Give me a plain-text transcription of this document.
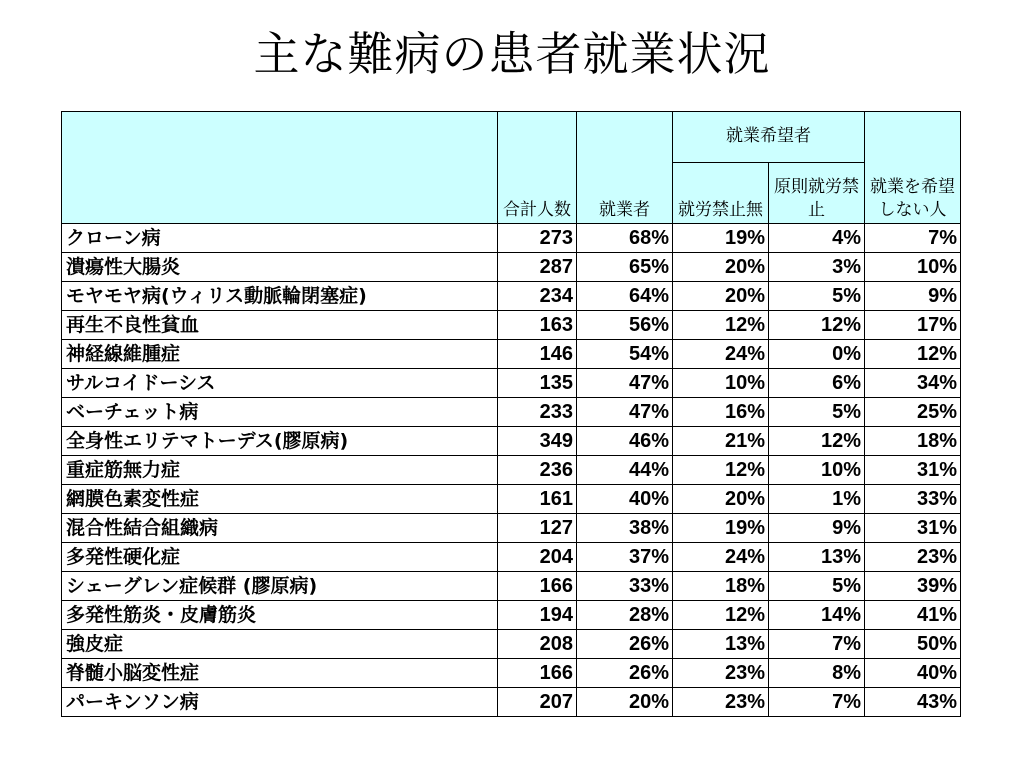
主な難病の患者就業状況
	合計人数	就業者	就業希望者		就業を希望しない人
			就労禁止無	原則就労禁止	
クローン病	273	68%	19%	4%	7%
潰瘍性大腸炎	287	65%	20%	3%	10%
モヤモヤ病(ウィリス動脈輪閉塞症)	234	64%	20%	5%	9%
再生不良性貧血	163	56%	12%	12%	17%
神経線維腫症	146	54%	24%	0%	12%
サルコイドーシス	135	47%	10%	6%	34%
ベーチェット病	233	47%	16%	5%	25%
全身性エリテマトーデス(膠原病)	349	46%	21%	12%	18%
重症筋無力症	236	44%	12%	10%	31%
網膜色素変性症	161	40%	20%	1%	33%
混合性結合組織病	127	38%	19%	9%	31%
多発性硬化症	204	37%	24%	13%	23%
シェーグレン症候群 (膠原病)	166	33%	18%	5%	39%
多発性筋炎・皮膚筋炎	194	28%	12%	14%	41%
強皮症	208	26%	13%	7%	50%
脊髄小脳変性症	166	26%	23%	8%	40%
パーキンソン病	207	20%	23%	7%	43%
